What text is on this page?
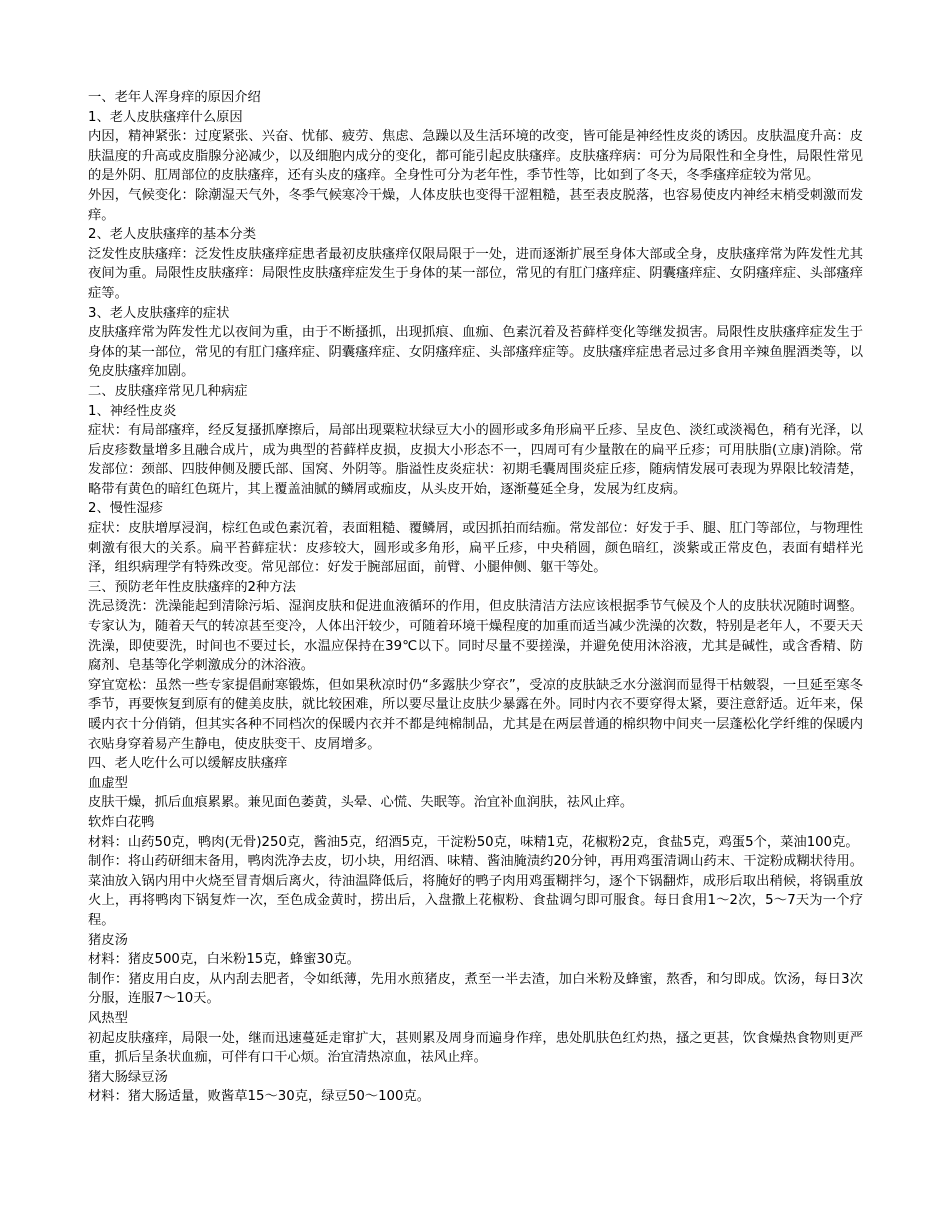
一、老年人浑身痒的原因介绍

1、老人皮肤瘙痒什么原因

内因，精神紧张：过度紧张、兴奋、忧郁、疲劳、焦虑、急躁以及生活环境的改变，皆可能是神经性皮炎的诱因。皮肤温度升高：皮肤温度的升高或皮脂腺分泌减少，以及细胞内成分的变化，都可能引起皮肤瘙痒。皮肤瘙痒病：可分为局限性和全身性，局限性常见的是外阴、肛周部位的皮肤瘙痒，还有头皮的瘙痒。全身性可分为老年性，季节性等，比如到了冬天，冬季瘙痒症较为常见。

外因，气候变化：除潮湿天气外，冬季气候寒冷干燥，人体皮肤也变得干涩粗糙，甚至表皮脱落，也容易使皮内神经末梢受刺激而发痒。

2、老人皮肤瘙痒的基本分类

泛发性皮肤瘙痒：泛发性皮肤瘙痒症患者最初皮肤瘙痒仅限局限于一处，进而逐渐扩展至身体大部或全身，皮肤瘙痒常为阵发性尤其夜间为重。局限性皮肤瘙痒：局限性皮肤瘙痒症发生于身体的某一部位，常见的有肛门瘙痒症、阴囊瘙痒症、女阴瘙痒症、头部瘙痒症等。

3、老人皮肤瘙痒的症状

皮肤瘙痒常为阵发性尤以夜间为重，由于不断搔抓，出现抓痕、血痂、色素沉着及苔藓样变化等继发损害。局限性皮肤瘙痒症发生于身体的某一部位，常见的有肛门瘙痒症、阴囊瘙痒症、女阴瘙痒症、头部瘙痒症等。皮肤瘙痒症患者忌过多食用辛辣鱼腥酒类等，以免皮肤瘙痒加剧。

二、皮肤瘙痒常见几种病症

1、神经性皮炎

症状：有局部瘙痒，经反复搔抓摩擦后，局部出现粟粒状绿豆大小的圆形或多角形扁平丘疹、呈皮色、淡红或淡褐色，稍有光泽，以后皮疹数量增多且融合成片，成为典型的苔藓样皮损，皮损大小形态不一，四周可有少量散在的扁平丘疹；可用肤脂(立康)消除。常发部位：颈部、四肢伸侧及腰氏部、国窝、外阴等。脂溢性皮炎症状：初期毛囊周围炎症丘疹，随病情发展可表现为界限比较清楚，略带有黄色的暗红色斑片，其上覆盖油腻的鳞屑或痂皮，从头皮开始，逐渐蔓延全身，发展为红皮病。

2、慢性湿疹

症状：皮肤增厚浸润，棕红色或色素沉着，表面粗糙、覆鳞屑，或因抓拍而结痂。常发部位：好发于手、腿、肛门等部位，与物理性刺激有很大的关系。扁平苔藓症状：皮疹较大，圆形或多角形，扁平丘疹，中央稍圆，颜色暗红，淡紫或正常皮色，表面有蜡样光泽，组织病理学有特殊改变。常见部位：好发于腕部屈面，前臂、小腿伸侧、躯干等处。

三、预防老年性皮肤瘙痒的2种方法

洗忌烫洗：洗澡能起到清除污垢、湿润皮肤和促进血液循环的作用，但皮肤清洁方法应该根据季节气候及个人的皮肤状况随时调整。专家认为，随着天气的转凉甚至变冷，人体出汗较少，可随着环境干燥程度的加重而适当减少洗澡的次数，特别是老年人，不要天天洗澡，即使要洗，时间也不要过长，水温应保持在39℃以下。同时尽量不要搓澡，并避免使用沐浴液，尤其是碱性，或含香精、防腐剂、皂基等化学刺激成分的沐浴液。

穿宜宽松：虽然一些专家提倡耐寒锻炼，但如果秋凉时仍“多露肤少穿衣”，受凉的皮肤缺乏水分滋润而显得干枯皴裂，一旦延至寒冬季节，再要恢复到原有的健美皮肤，就比较困难，所以要尽量让皮肤少暴露在外。同时内衣不要穿得太紧，要注意舒适。近年来，保暖内衣十分俏销，但其实各种不同档次的保暖内衣并不都是纯棉制品，尤其是在两层普通的棉织物中间夹一层蓬松化学纤维的保暖内衣贴身穿着易产生静电，使皮肤变干、皮屑增多。

四、老人吃什么可以缓解皮肤瘙痒

血虚型

皮肤干燥，抓后血痕累累。兼见面色萎黄，头晕、心慌、失眠等。治宜补血润肤，祛风止痒。

软炸白花鸭

材料：山药50克，鸭肉(无骨)250克，酱油5克，绍酒5克，干淀粉50克，味精1克，花椒粉2克，食盐5克，鸡蛋5个，菜油100克。

制作：将山药研细末备用，鸭肉洗净去皮，切小块，用绍酒、味精、酱油腌渍约20分钟，再用鸡蛋清调山药末、干淀粉成糊状待用。菜油放入锅内用中火烧至冒青烟后离火，待油温降低后，将腌好的鸭子肉用鸡蛋糊拌匀，逐个下锅翻炸，成形后取出稍候，将锅重放火上，再将鸭肉下锅复炸一次，至色成金黄时，捞出后，入盘撒上花椒粉、食盐调匀即可服食。每日食用1～2次，5～7天为一个疗程。

猪皮汤

材料：猪皮500克，白米粉15克，蜂蜜30克。

制作：猪皮用白皮，从内刮去肥者，令如纸薄，先用水煎猪皮，煮至一半去渣，加白米粉及蜂蜜，熬香，和匀即成。饮汤，每日3次分服，连服7～10天。

风热型

初起皮肤瘙痒，局限一处，继而迅速蔓延走窜扩大，甚则累及周身而遍身作痒，患处肌肤色红灼热，搔之更甚，饮食燥热食物则更严重，抓后呈条状血痂，可伴有口干心烦。治宜清热凉血，祛风止痒。

猪大肠绿豆汤

材料：猪大肠适量，败酱草15～30克，绿豆50～100克。
